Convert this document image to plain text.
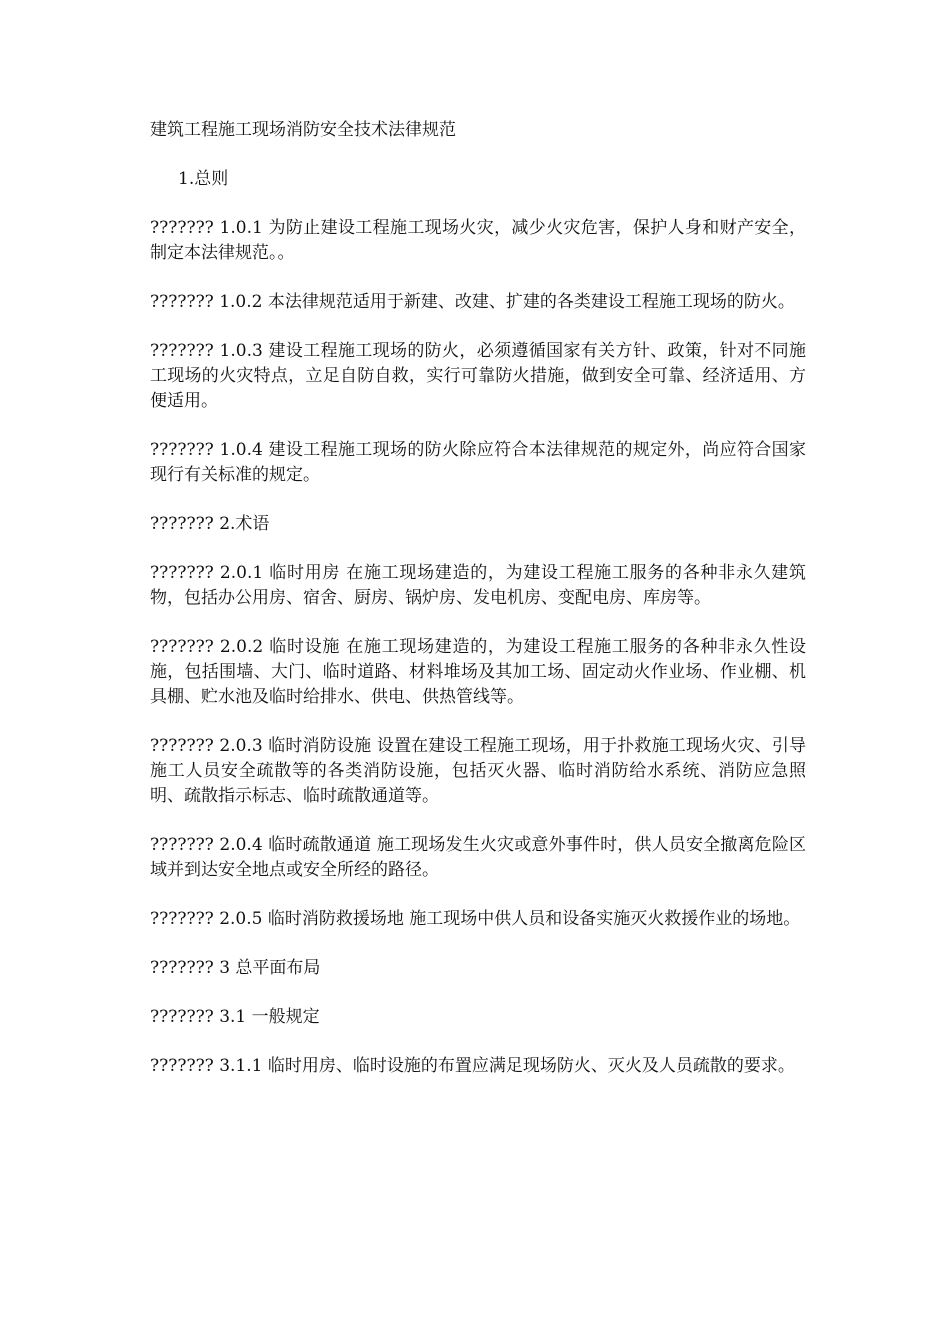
建筑工程施工现场消防安全技术法律规范
1.总则
??????? 1.0.1 为防止建设工程施工现场火灾，减少火灾危害，保护人身和财产安全，制定本法律规范。。
??????? 1.0.2 本法律规范适用于新建、改建、扩建的各类建设工程施工现场的防火。
??????? 1.0.3 建设工程施工现场的防火，必须遵循国家有关方针、政策，针对不同施工现场的火灾特点，立足自防自救，实行可靠防火措施，做到安全可靠、经济适用、方便适用。
??????? 1.0.4 建设工程施工现场的防火除应符合本法律规范的规定外，尚应符合国家现行有关标准的规定。
??????? 2.术语
??????? 2.0.1 临时用房 在施工现场建造的，为建设工程施工服务的各种非永久建筑物，包括办公用房、宿舍、厨房、锅炉房、发电机房、变配电房、库房等。
??????? 2.0.2 临时设施 在施工现场建造的，为建设工程施工服务的各种非永久性设施，包括围墙、大门、临时道路、材料堆场及其加工场、固定动火作业场、作业棚、机具棚、贮水池及临时给排水、供电、供热管线等。
??????? 2.0.3 临时消防设施 设置在建设工程施工现场，用于扑救施工现场火灾、引导施工人员安全疏散等的各类消防设施，包括灭火器、临时消防给水系统、消防应急照明、疏散指示标志、临时疏散通道等。
??????? 2.0.4 临时疏散通道 施工现场发生火灾或意外事件时，供人员安全撤离危险区域并到达安全地点或安全所经的路径。
??????? 2.0.5 临时消防救援场地 施工现场中供人员和设备实施灭火救援作业的场地。
??????? 3 总平面布局
??????? 3.1 一般规定
??????? 3.1.1 临时用房、临时设施的布置应满足现场防火、灭火及人员疏散的要求。
